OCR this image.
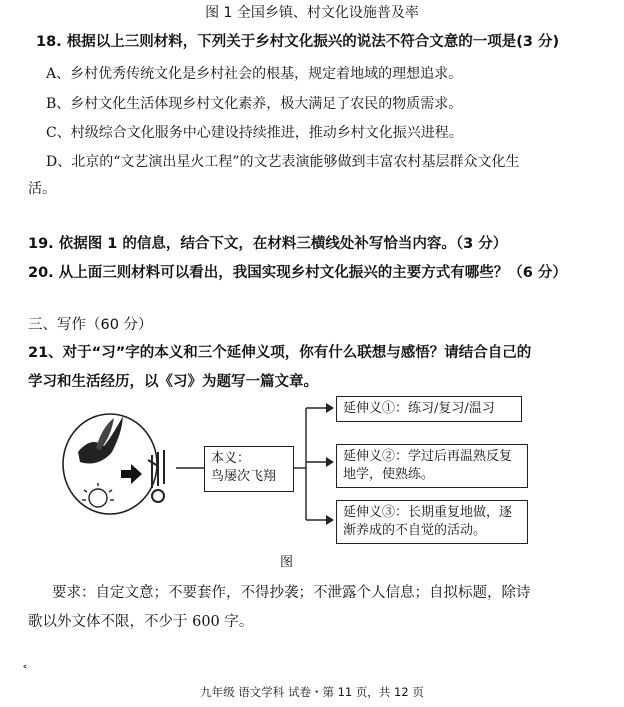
图 1 全国乡镇、村文化设施普及率
18. 根据以上三则材料，下列关于乡村文化振兴的说法不符合文意的一项是(3 分)
A、乡村优秀传统文化是乡村社会的根基，规定着地域的理想追求。
B、乡村文化生活体现乡村文化素养，极大满足了农民的物质需求。
C、村级综合文化服务中心建设持续推进，推动乡村文化振兴进程。
D、北京的“文艺演出星火工程”的文艺表演能够做到丰富农村基层群众文化生
活。
19. 依据图 1 的信息，结合下文，在材料三横线处补写恰当内容。（3 分）
20. 从上面三则材料可以看出，我国实现乡村文化振兴的主要方式有哪些？（6 分）
三、写作（60 分）
21、对于“习”字的本义和三个延伸义项，你有什么联想与感悟？请结合自己的
学习和生活经历，以《习》为题写一篇文章。
本义：
鸟屡次飞翔
延伸义①：练习/复习/温习
延伸义②：学过后再温熟反复
地学，使熟练。
延伸义③：长期重复地做，逐
渐养成的不自觉的活动。
图
要求：自定文意；不要套作，不得抄袭；不泄露个人信息；自拟标题，除诗
歌以外文体不限，不少于 600 字。
˂
九年级 语文学科 试卷・第 11 页，共 12 页
